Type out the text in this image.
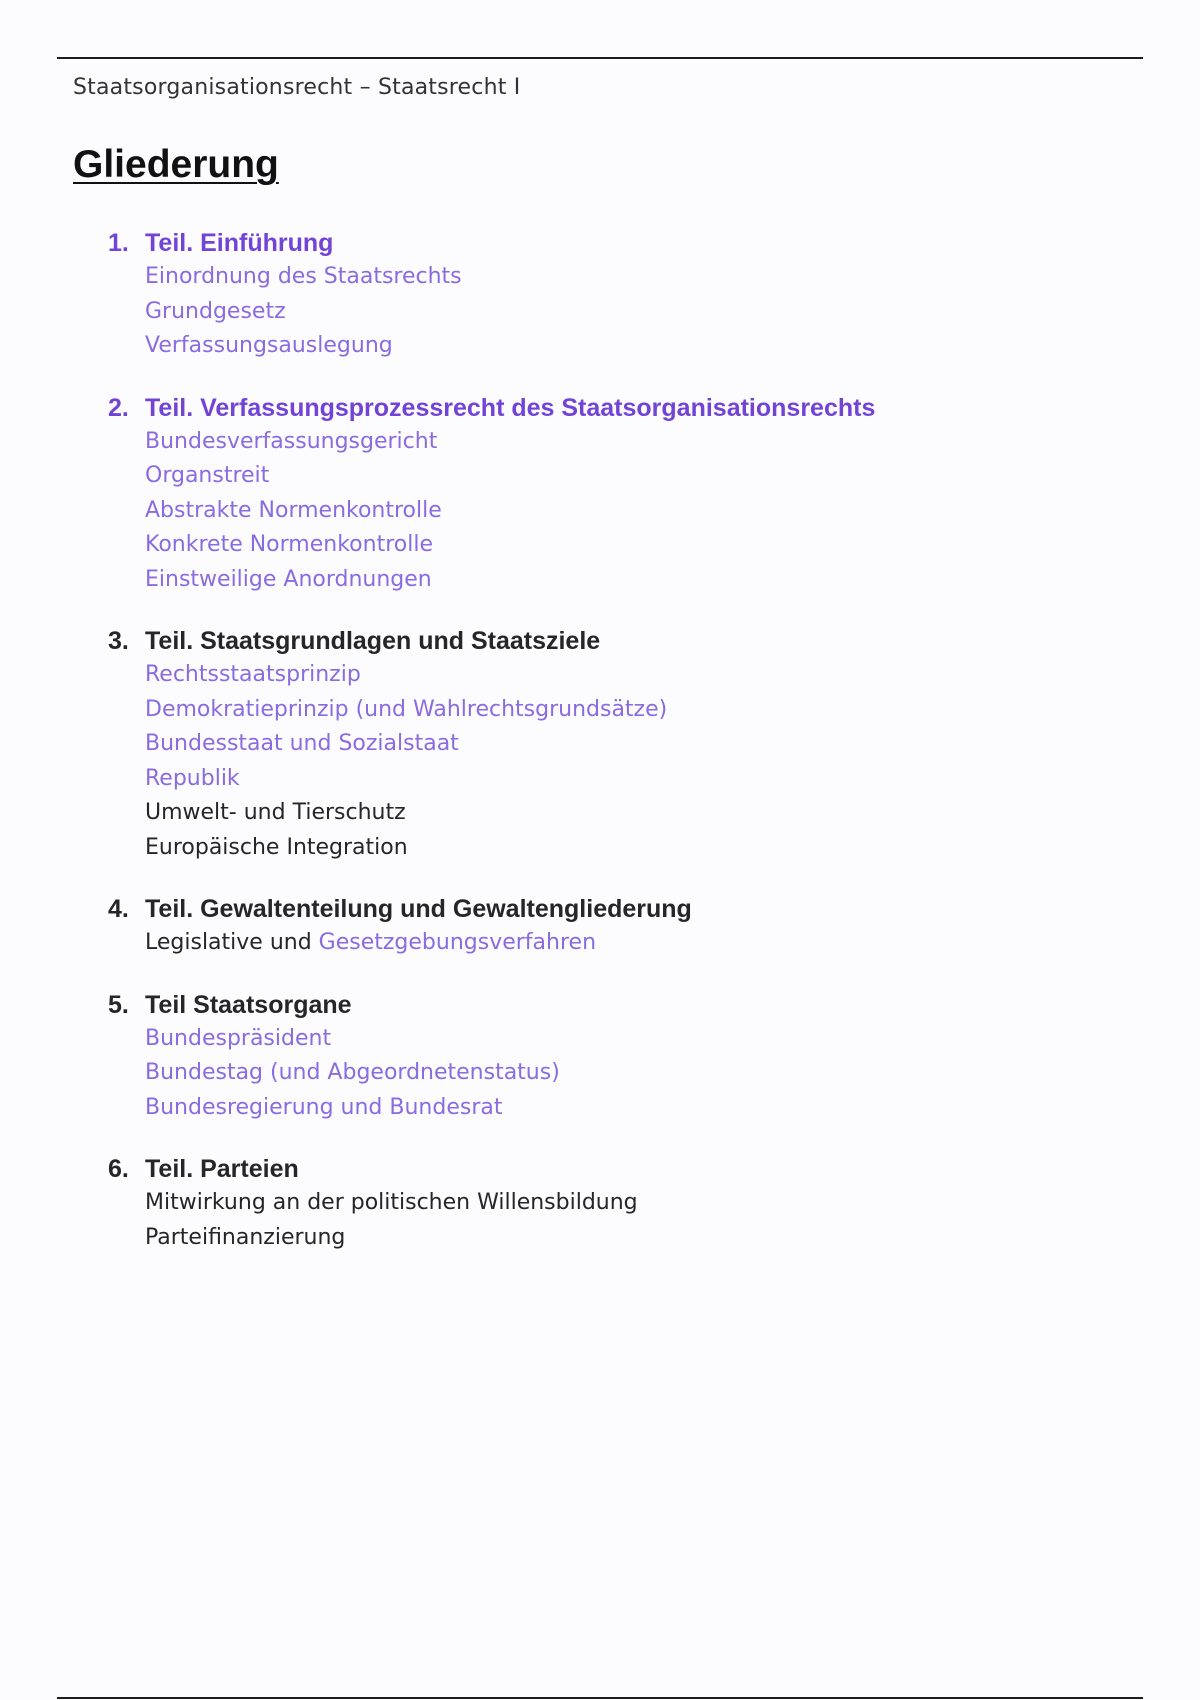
Staatsorganisationsrecht – Staatsrecht I
Gliederung
1. Teil. Einführung
Einordnung des Staatsrechts
Grundgesetz
Verfassungsauslegung
2. Teil. Verfassungsprozessrecht des Staatsorganisationsrechts
Bundesverfassungsgericht
Organstreit
Abstrakte Normenkontrolle
Konkrete Normenkontrolle
Einstweilige Anordnungen
3. Teil. Staatsgrundlagen und Staatsziele
Rechtsstaatsprinzip
Demokratieprinzip (und Wahlrechtsgrundsätze)
Bundesstaat und Sozialstaat
Republik
Umwelt- und Tierschutz
Europäische Integration
4. Teil. Gewaltenteilung und Gewaltengliederung
Legislative und Gesetzgebungsverfahren
5. Teil Staatsorgane
Bundespräsident
Bundestag (und Abgeordnetenstatus)
Bundesregierung und Bundesrat
6. Teil. Parteien
Mitwirkung an der politischen Willensbildung
Parteifinanzierung
